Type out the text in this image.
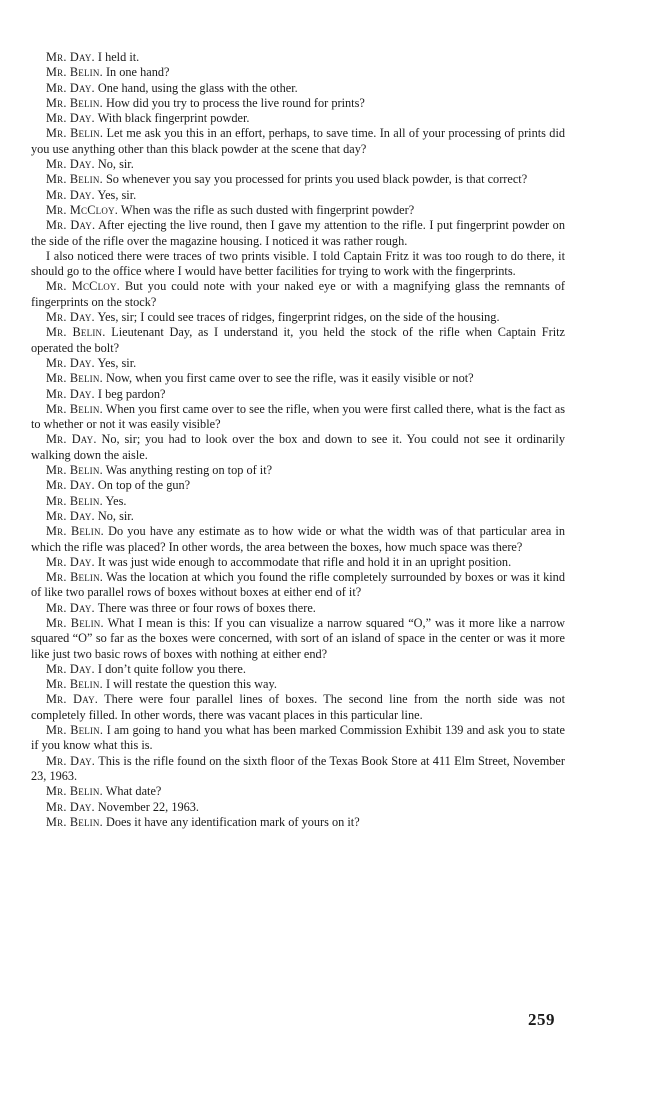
Mr. Day. I held it.
Mr. Belin. In one hand?
Mr. Day. One hand, using the glass with the other.
Mr. Belin. How did you try to process the live round for prints?
Mr. Day. With black fingerprint powder.
Mr. Belin. Let me ask you this in an effort, perhaps, to save time. In all of your processing of prints did you use anything other than this black powder at the scene that day?
Mr. Day. No, sir.
Mr. Belin. So whenever you say you processed for prints you used black powder, is that correct?
Mr. Day. Yes, sir.
Mr. McCloy. When was the rifle as such dusted with fingerprint powder?
Mr. Day. After ejecting the live round, then I gave my attention to the rifle. I put fingerprint powder on the side of the rifle over the magazine housing. I noticed it was rather rough.
I also noticed there were traces of two prints visible. I told Captain Fritz it was too rough to do there, it should go to the office where I would have better facilities for trying to work with the fingerprints.
Mr. McCloy. But you could note with your naked eye or with a magnifying glass the remnants of fingerprints on the stock?
Mr. Day. Yes, sir; I could see traces of ridges, fingerprint ridges, on the side of the housing.
Mr. Belin. Lieutenant Day, as I understand it, you held the stock of the rifle when Captain Fritz operated the bolt?
Mr. Day. Yes, sir.
Mr. Belin. Now, when you first came over to see the rifle, was it easily visible or not?
Mr. Day. I beg pardon?
Mr. Belin. When you first came over to see the rifle, when you were first called there, what is the fact as to whether or not it was easily visible?
Mr. Day. No, sir; you had to look over the box and down to see it. You could not see it ordinarily walking down the aisle.
Mr. Belin. Was anything resting on top of it?
Mr. Day. On top of the gun?
Mr. Belin. Yes.
Mr. Day. No, sir.
Mr. Belin. Do you have any estimate as to how wide or what the width was of that particular area in which the rifle was placed? In other words, the area between the boxes, how much space was there?
Mr. Day. It was just wide enough to accommodate that rifle and hold it in an upright position.
Mr. Belin. Was the location at which you found the rifle completely surrounded by boxes or was it kind of like two parallel rows of boxes without boxes at either end of it?
Mr. Day. There was three or four rows of boxes there.
Mr. Belin. What I mean is this: If you can visualize a narrow squared “O,” was it more like a narrow squared “O” so far as the boxes were concerned, with sort of an island of space in the center or was it more like just two basic rows of boxes with nothing at either end?
Mr. Day. I don’t quite follow you there.
Mr. Belin. I will restate the question this way.
Mr. Day. There were four parallel lines of boxes. The second line from the north side was not completely filled. In other words, there was vacant places in this particular line.
Mr. Belin. I am going to hand you what has been marked Commission Exhibit 139 and ask you to state if you know what this is.
Mr. Day. This is the rifle found on the sixth floor of the Texas Book Store at 411 Elm Street, November 23, 1963.
Mr. Belin. What date?
Mr. Day. November 22, 1963.
Mr. Belin. Does it have any identification mark of yours on it?
259
